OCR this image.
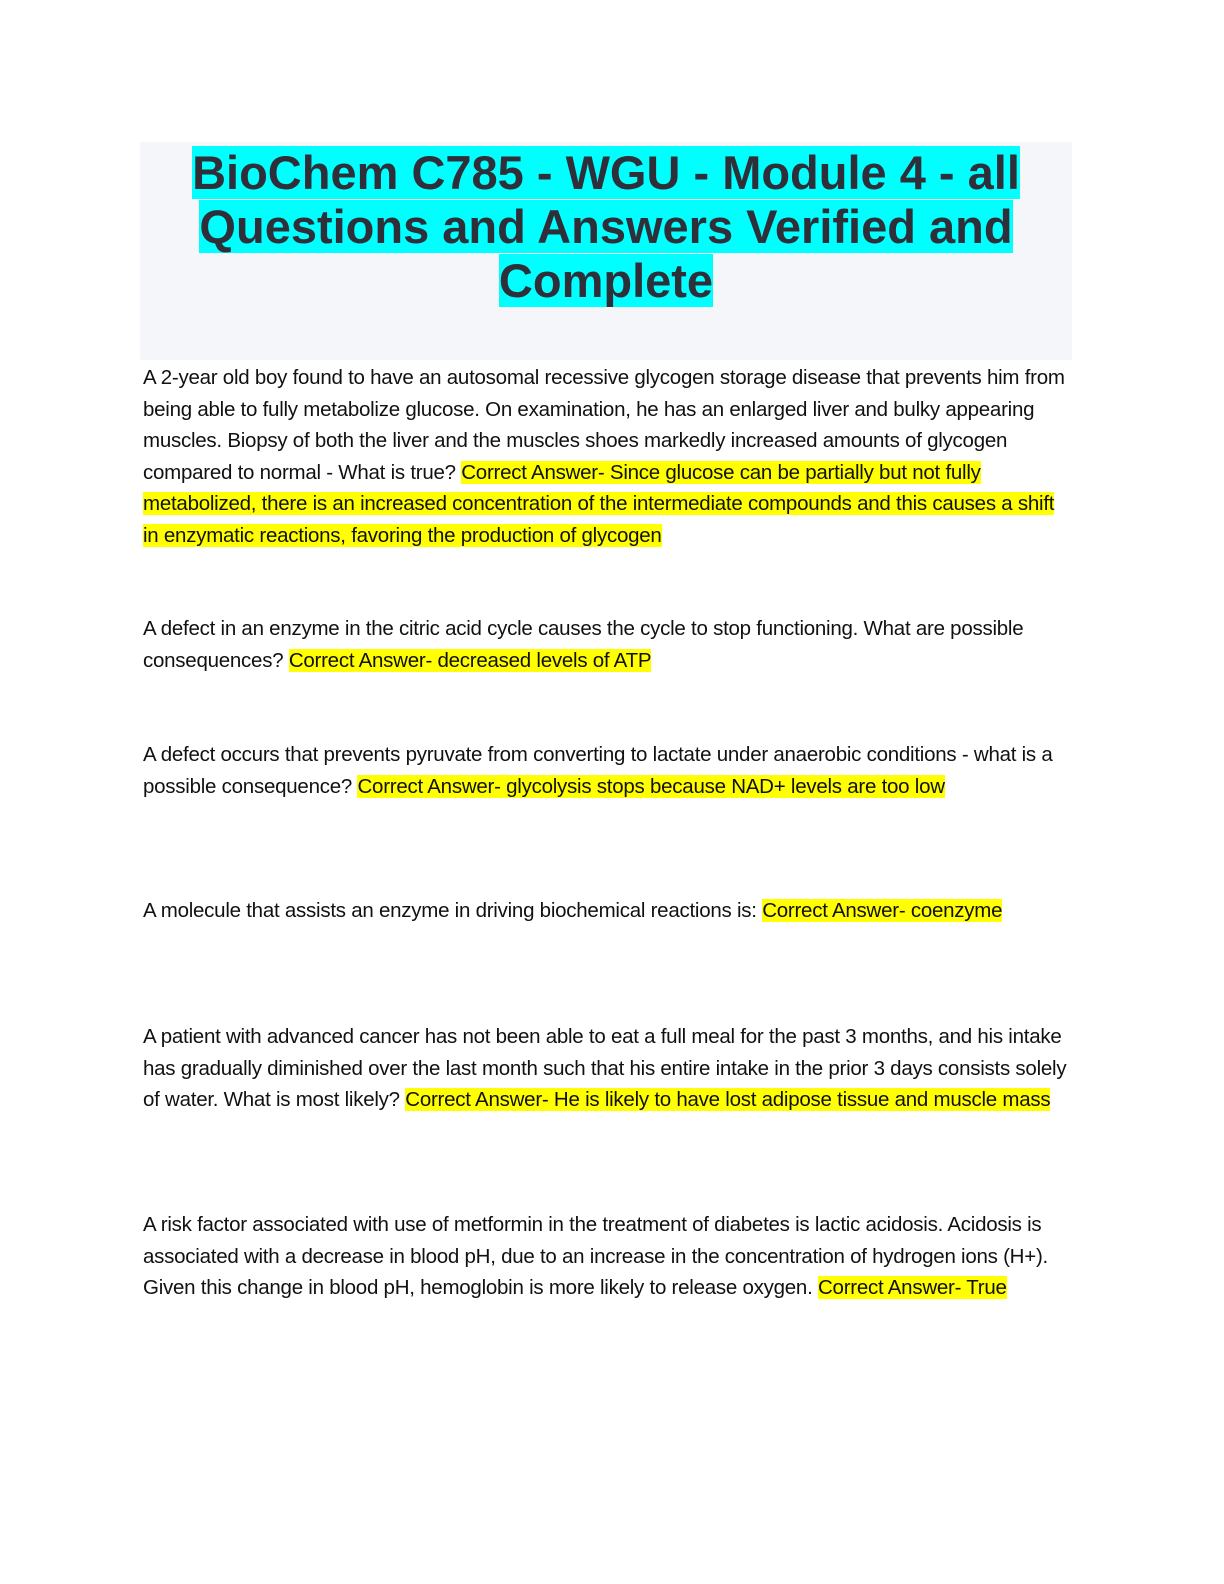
BioChem C785 - WGU - Module 4 - all Questions and Answers Verified and Complete

A 2-year old boy found to have an autosomal recessive glycogen storage disease that prevents him from being able to fully metabolize glucose. On examination, he has an enlarged liver and bulky appearing muscles. Biopsy of both the liver and the muscles shoes markedly increased amounts of glycogen compared to normal - What is true? Correct Answer- Since glucose can be partially but not fully metabolized, there is an increased concentration of the intermediate compounds and this causes a shift in enzymatic reactions, favoring the production of glycogen

A defect in an enzyme in the citric acid cycle causes the cycle to stop functioning. What are possible consequences? Correct Answer- decreased levels of ATP

A defect occurs that prevents pyruvate from converting to lactate under anaerobic conditions - what is a possible consequence? Correct Answer- glycolysis stops because NAD+ levels are too low

A molecule that assists an enzyme in driving biochemical reactions is: Correct Answer- coenzyme

A patient with advanced cancer has not been able to eat a full meal for the past 3 months, and his intake has gradually diminished over the last month such that his entire intake in the prior 3 days consists solely of water. What is most likely? Correct Answer- He is likely to have lost adipose tissue and muscle mass

A risk factor associated with use of metformin in the treatment of diabetes is lactic acidosis. Acidosis is associated with a decrease in blood pH, due to an increase in the concentration of hydrogen ions (H+). Given this change in blood pH, hemoglobin is more likely to release oxygen. Correct Answer- True
